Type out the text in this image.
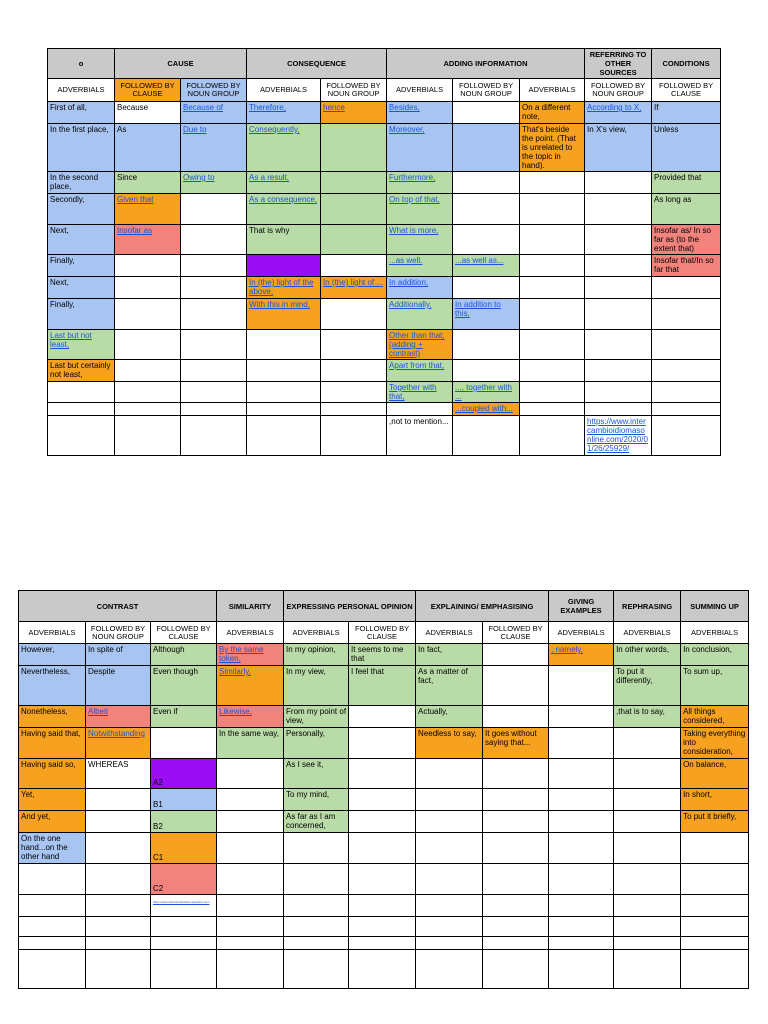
o	CAUSE		CONSEQUENCE		ADDING INFORMATION			REFERRING TO OTHER SOURCES	CONDITIONS
ADVERBIALS	FOLLOWED BY CLAUSE	FOLLOWED BY NOUN GROUP	ADVERBIALS	FOLLOWED BY NOUN GROUP	ADVERBIALS	FOLLOWED BY NOUN GROUP	ADVERBIALS	FOLLOWED BY NOUN GROUP	FOLLOWED BY CLAUSE
First of all,	Because	Because of	Therefore,	hence	Besides,		On a different note,	According to X,	If
In the first place,	As	Due to	Consequently,		Moreover,		That's beside the point. (That is unrelated to the topic in hand).	In X's view,	Unless
In the second place,	Since	Owing to	As a result,		Furthermore,				Provided that
Secondly,	Given that		As a consequence,		On top of that,				As long as
Next,	Insofar as		That is why		What is more,				Insofar as/ In so far as (to the extent that)
Finally,					...as well.	...as well as...			Insofar that/In so far that
Next,			In (the) light of the above,	In (the) light of ...	In addition,				
Finally,			With this in mind,		Additionally,	In addition to this,			
Last but not least,					Other than that, (adding + contrast)				
Last but certainly not least,					Apart from that,				
					Together with that,	..., together with ...			
						...coupled with...			
					,not to mention...			https://www.intercambioidiomasonline.com/2020/01/26/25929/	
CONTRAST			SIMILARITY	EXPRESSING PERSONAL OPINION		EXPLAINING/ EMPHASISING		GIVING EXAMPLES	REPHRASING	SUMMING UP
ADVERBIALS	FOLLOWED BY NOUN GROUP	FOLLOWED BY CLAUSE	ADVERBIALS	ADVERBIALS	FOLLOWED BY CLAUSE	ADVERBIALS	FOLLOWED BY CLAUSE	ADVERBIALS	ADVERBIALS	ADVERBIALS
However,	In spite of	Although	By the same token,	In my opinion,	It seems to me that	In fact,		, namely,	In other words,	In conclusion,
Nevertheless,	Despite	Even though	Similarly,	In my view,	I feel that	As a matter of fact,			To put it differently,	To sum up,
Nonetheless,	Albeit	Even if	Likewise,	From my point of view,		Actually,			,that is to say,	All things considered,
Having said that,	Notwithstanding		In the same way,	Personally,		Needless to say,	It goes without saying that...			Taking everything into consideration,
Having said so,	WHEREAS	A2		As I see it,						On balance,
Yet,		B1		To my mind,						In short,
And yet,		B2		As far as I am concerned,						To put it briefly,
On the one hand...on the other hand		C1								
		C2								
		https://www.intercambioidiomasonline.com								
